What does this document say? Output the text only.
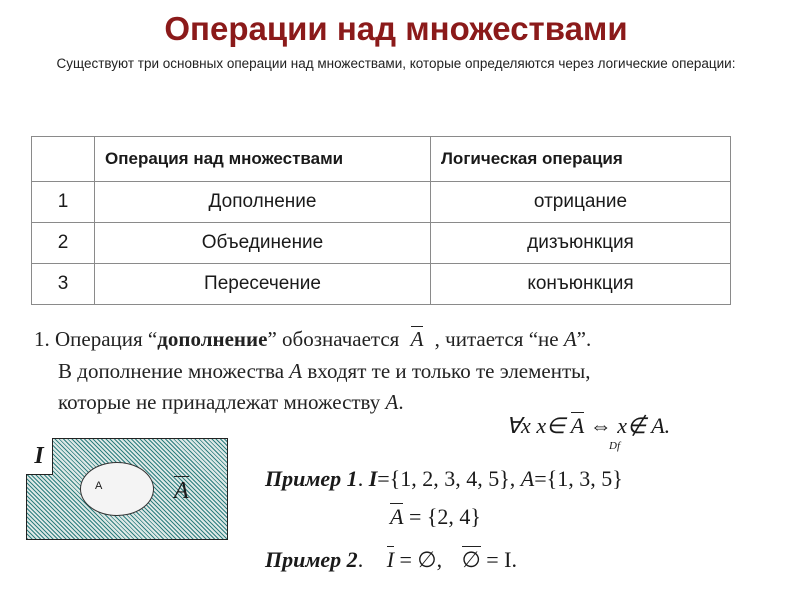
Операции над множествами
Существуют три основных операции над множествами, которые определяются через логические операции:
	Операция над множествами	Логическая операция
1	Дополнение	отрицание
2	Объединение	дизъюнкция
3	Пересечение	конъюнкция
1. Операция “дополнение” обозначается A , читается “не A”.
В дополнение множества A входят те и только те элементы,
которые не принадлежат множеству A.
∀x x∈ A ⇔ x∉ A.
Df
I
A	A	Пример 1. I={1, 2, 3, 4, 5}, A={1, 3, 5}
A = {2, 4}
Пример 2. I = ∅, ∅ = I.
